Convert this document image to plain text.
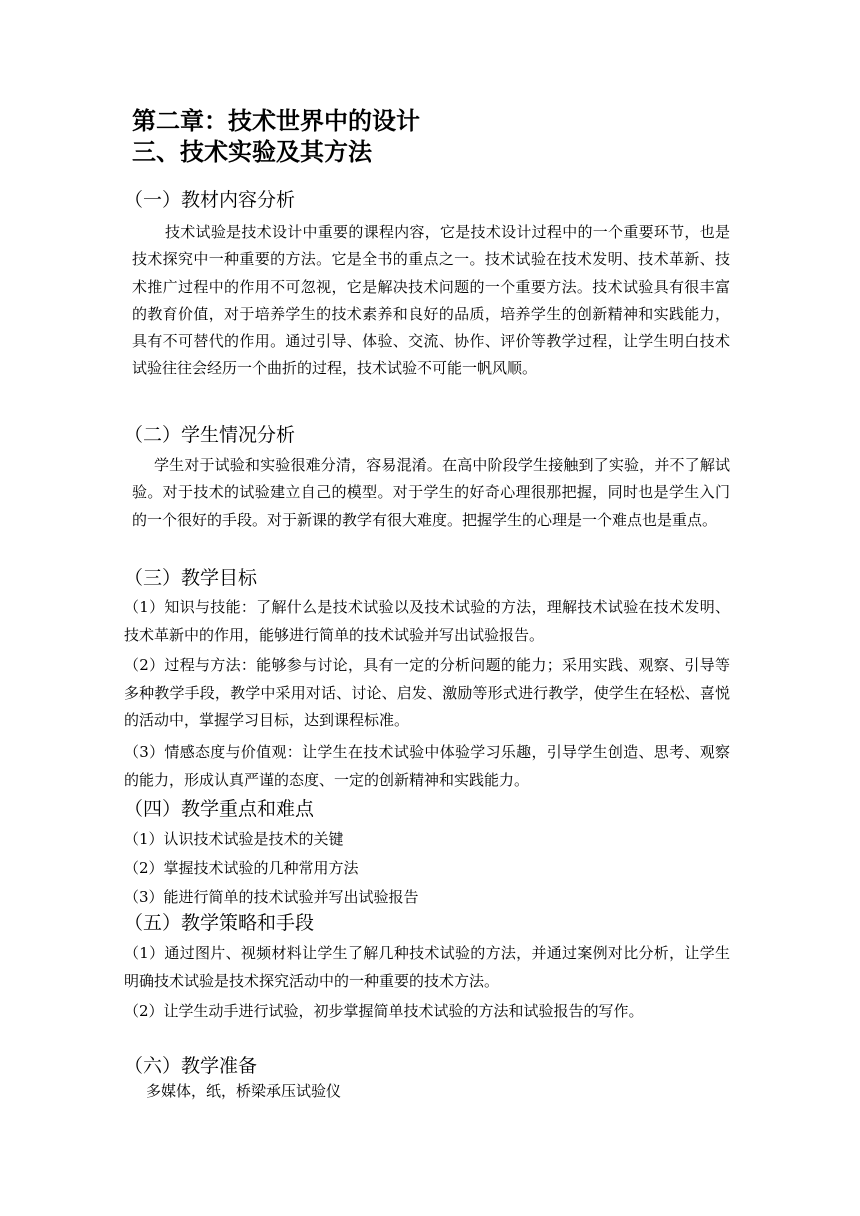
第二章：技术世界中的设计
三、技术实验及其方法
（一）教材内容分析
技术试验是技术设计中重要的课程内容，它是技术设计过程中的一个重要环节，也是技术探究中一种重要的方法。它是全书的重点之一。技术试验在技术发明、技术革新、技术推广过程中的作用不可忽视，它是解决技术问题的一个重要方法。技术试验具有很丰富的教育价值，对于培养学生的技术素养和良好的品质，培养学生的创新精神和实践能力，具有不可替代的作用。通过引导、体验、交流、协作、评价等教学过程，让学生明白技术试验往往会经历一个曲折的过程，技术试验不可能一帆风顺。
（二）学生情况分析
学生对于试验和实验很难分清，容易混淆。在高中阶段学生接触到了实验，并不了解试验。对于技术的试验建立自己的模型。对于学生的好奇心理很那把握，同时也是学生入门的一个很好的手段。对于新课的教学有很大难度。把握学生的心理是一个难点也是重点。
（三）教学目标
（1）知识与技能：了解什么是技术试验以及技术试验的方法，理解技术试验在技术发明、技术革新中的作用，能够进行简单的技术试验并写出试验报告。
（2）过程与方法：能够参与讨论，具有一定的分析问题的能力；采用实践、观察、引导等多种教学手段，教学中采用对话、讨论、启发、激励等形式进行教学，使学生在轻松、喜悦的活动中，掌握学习目标，达到课程标准。
（3）情感态度与价值观：让学生在技术试验中体验学习乐趣，引导学生创造、思考、观察的能力，形成认真严谨的态度、一定的创新精神和实践能力。
（四）教学重点和难点
（1）认识技术试验是技术的关键
（2）掌握技术试验的几种常用方法
（3）能进行简单的技术试验并写出试验报告
（五）教学策略和手段
（1）通过图片、视频材料让学生了解几种技术试验的方法，并通过案例对比分析，让学生明确技术试验是技术探究活动中的一种重要的技术方法。
（2）让学生动手进行试验，初步掌握简单技术试验的方法和试验报告的写作。
（六）教学准备
多媒体，纸，桥梁承压试验仪
